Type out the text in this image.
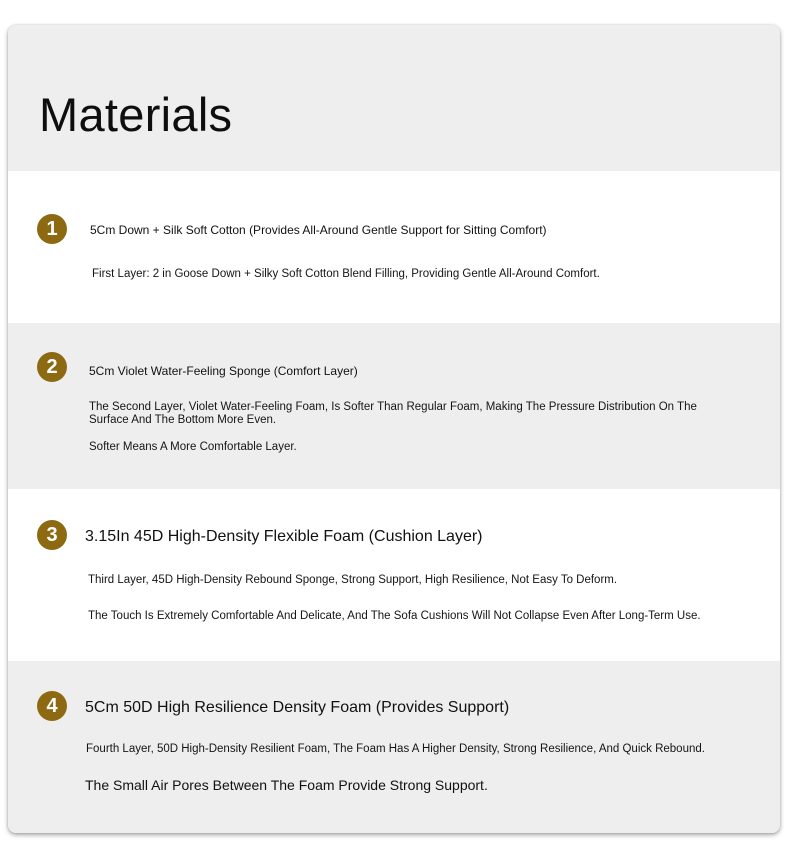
Materials
1	5Cm Down + Silk Soft Cotton (Provides All-Around Gentle Support for Sitting Comfort)

First Layer: 2 in Goose Down + Silky Soft Cotton Blend Filling, Providing Gentle All-Around Comfort.

2	5Cm Violet Water-Feeling Sponge (Comfort Layer)

The Second Layer, Violet Water-Feeling Foam, Is Softer Than Regular Foam, Making The Pressure Distribution On The Surface And The Bottom More Even.

Softer Means A More Comfortable Layer.

3	3.15In 45D High-Density Flexible Foam (Cushion Layer)

Third Layer, 45D High-Density Rebound Sponge, Strong Support, High Resilience, Not Easy To Deform.

The Touch Is Extremely Comfortable And Delicate, And The Sofa Cushions Will Not Collapse Even After Long-Term Use.

4	5Cm 50D High Resilience Density Foam (Provides Support)

Fourth Layer, 50D High-Density Resilient Foam, The Foam Has A Higher Density, Strong Resilience, And Quick Rebound.

The Small Air Pores Between The Foam Provide Strong Support.
